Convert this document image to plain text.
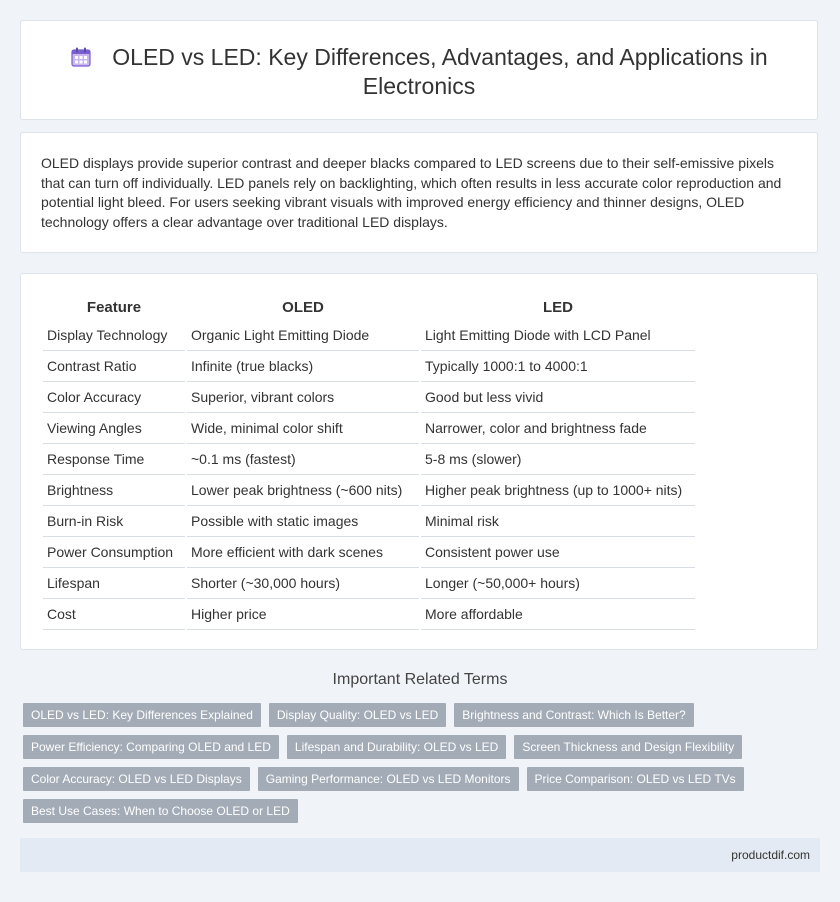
OLED vs LED: Key Differences, Advantages, and Applications in Electronics

OLED displays provide superior contrast and deeper blacks compared to LED screens due to their self-emissive pixels that can turn off individually. LED panels rely on backlighting, which often results in less accurate color reproduction and potential light bleed. For users seeking vibrant visuals with improved energy efficiency and thinner designs, OLED technology offers a clear advantage over traditional LED displays.

Feature	OLED	LED
Display Technology	Organic Light Emitting Diode	Light Emitting Diode with LCD Panel
Contrast Ratio	Infinite (true blacks)	Typically 1000:1 to 4000:1
Color Accuracy	Superior, vibrant colors	Good but less vivid
Viewing Angles	Wide, minimal color shift	Narrower, color and brightness fade
Response Time	~0.1 ms (fastest)	5-8 ms (slower)
Brightness	Lower peak brightness (~600 nits)	Higher peak brightness (up to 1000+ nits)
Burn-in Risk	Possible with static images	Minimal risk
Power Consumption	More efficient with dark scenes	Consistent power use
Lifespan	Shorter (~30,000 hours)	Longer (~50,000+ hours)
Cost	Higher price	More affordable
Important Related Terms
OLED vs LED: Key Differences Explained	Display Quality: OLED vs LED	Brightness and Contrast: Which Is Better?
Power Efficiency: Comparing OLED and LED	Lifespan and Durability: OLED vs LED	Screen Thickness and Design Flexibility
Color Accuracy: OLED vs LED Displays	Gaming Performance: OLED vs LED Monitors	Price Comparison: OLED vs LED TVs
Best Use Cases: When to Choose OLED or LED
productdif.com
